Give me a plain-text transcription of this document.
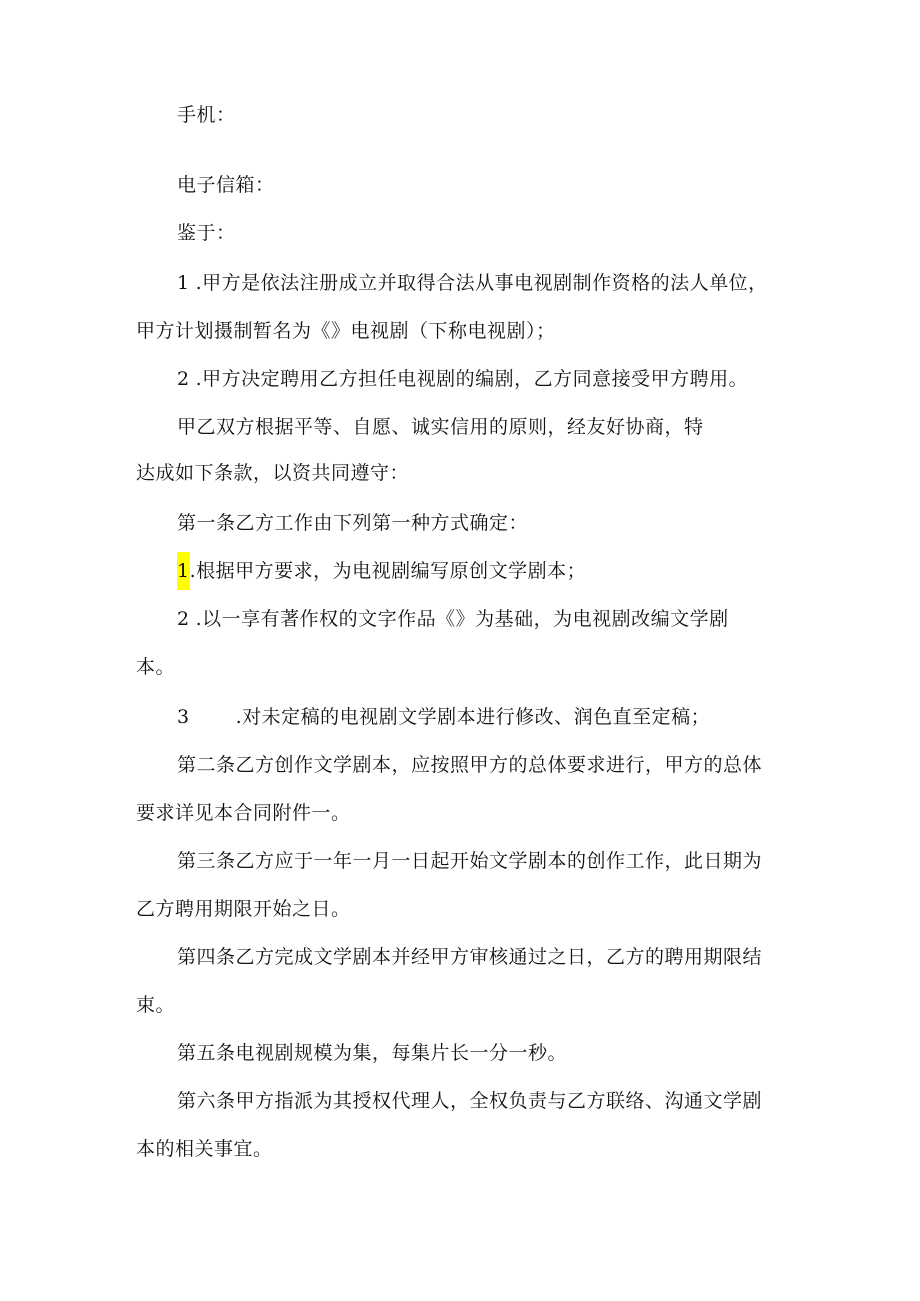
手机：
电子信箱：
鉴于：
1 .甲方是依法注册成立并取得合法从事电视剧制作资格的法人单位，
甲方计划摄制暂名为《》电视剧（下称电视剧）；
2 .甲方决定聘用乙方担任电视剧的编剧，乙方同意接受甲方聘用。
甲乙双方根据平等、自愿、诚实信用的原则，经友好协商，特
达成如下条款，以资共同遵守：
第一条乙方工作由下列第一种方式确定：
1.根据甲方要求，为电视剧编写原创文学剧本；
2 .以一享有著作权的文字作品《》为基础，为电视剧改编文学剧
本。
3 .对未定稿的电视剧文学剧本进行修改、润色直至定稿；
第二条乙方创作文学剧本，应按照甲方的总体要求进行，甲方的总体
要求详见本合同附件一。
第三条乙方应于一年一月一日起开始文学剧本的创作工作，此日期为
乙方聘用期限开始之日。
第四条乙方完成文学剧本并经甲方审核通过之日，乙方的聘用期限结
束。
第五条电视剧规模为集，每集片长一分一秒。
第六条甲方指派为其授权代理人，全权负责与乙方联络、沟通文学剧
本的相关事宜。
